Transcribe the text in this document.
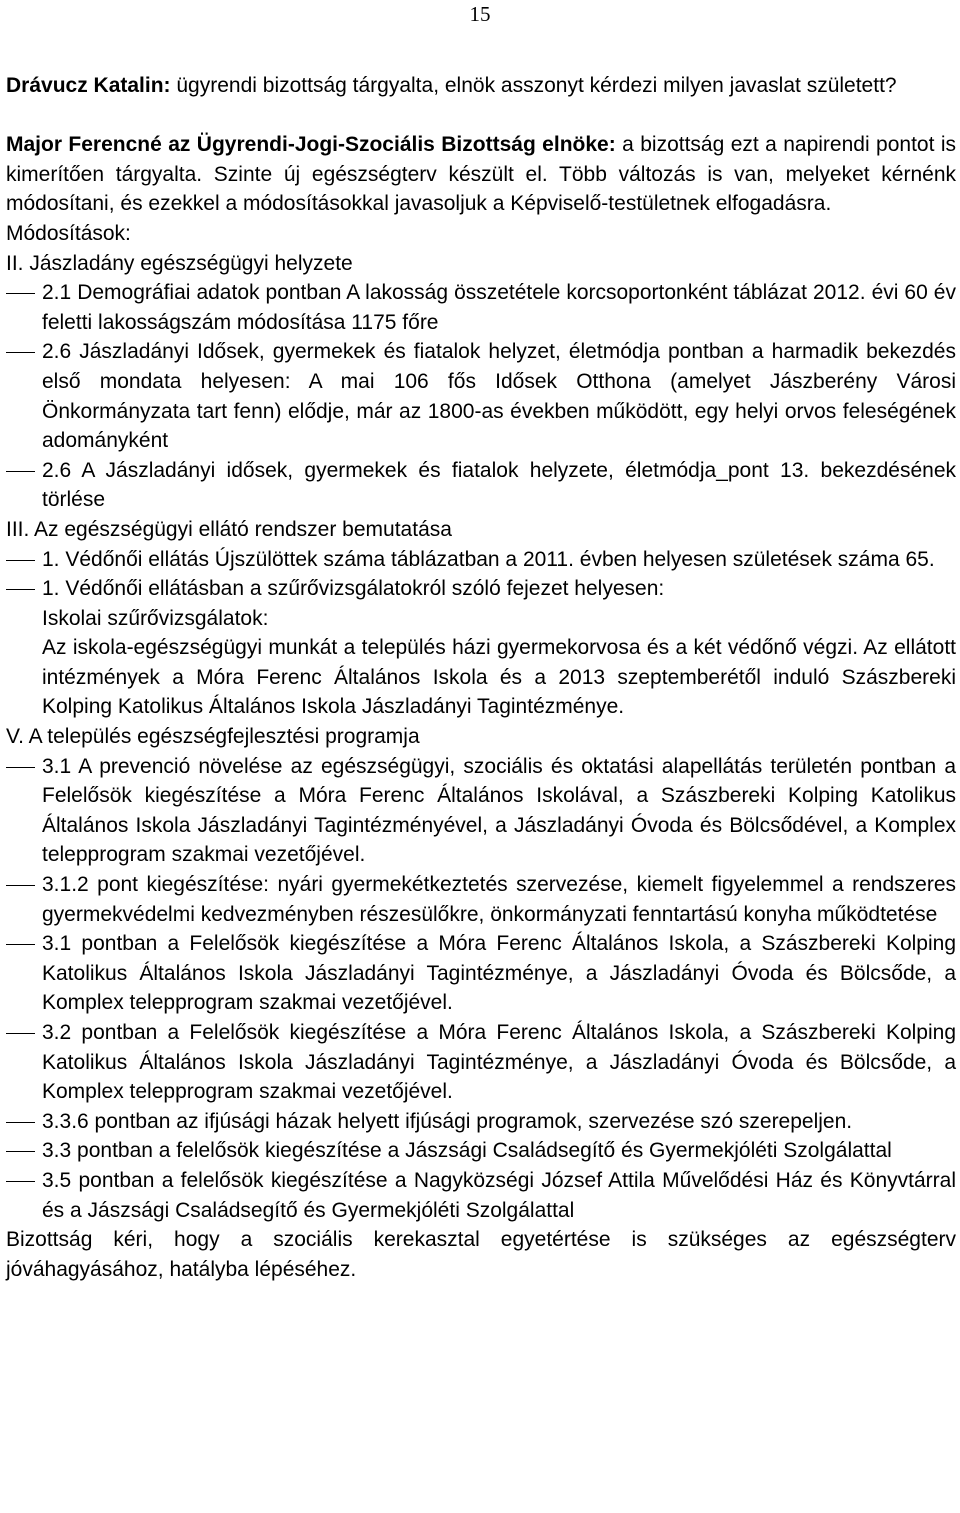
15

Drávucz Katalin: ügyrendi bizottság tárgyalta, elnök asszonyt kérdezi milyen javaslat született?

Major Ferencné az Ügyrendi-Jogi-Szociális Bizottság elnöke: a bizottság ezt a napirendi pontot is kimerítően tárgyalta. Szinte új egészségterv készült el. Több változás is van, melyeket kérnénk módosítani, és ezekkel a módosításokkal javasoljuk a Képviselő-testületnek elfogadásra.

Módosítások:

II. Jászladány egészségügyi helyzete

2.1 Demográfiai adatok pontban A lakosság összetétele korcsoportonként táblázat 2012. évi 60 év feletti lakosságszám módosítása 1175 főre
2.6 Jászladányi Idősek, gyermekek és fiatalok helyzet, életmódja pontban a harmadik bekezdés első mondata helyesen: A mai 106 fős Idősek Otthona (amelyet Jászberény Városi Önkormányzata tart fenn) elődje, már az 1800-as években működött, egy helyi orvos feleségének adományként
2.6 A Jászladányi idősek, gyermekek és fiatalok helyzete, életmódja_pont 13. bekezdésének törlése

III. Az egészségügyi ellátó rendszer bemutatása

1. Védőnői ellátás Újszülöttek száma táblázatban a 2011. évben helyesen születések száma 65.
1. Védőnői ellátásban a szűrővizsgálatokról szóló fejezet helyesen:
Iskolai szűrővizsgálatok:
Az iskola-egészségügyi munkát a település házi gyermekorvosa és a két védőnő végzi. Az ellátott intézmények a Móra Ferenc Általános Iskola és a 2013 szeptemberétől induló Szászbereki Kolping Katolikus Általános Iskola Jászladányi Tagintézménye.

V. A település egészségfejlesztési programja

3.1 A prevenció növelése az egészségügyi, szociális és oktatási alapellátás területén pontban a Felelősök kiegészítése a Móra Ferenc Általános Iskolával, a Szászbereki Kolping Katolikus Általános Iskola Jászladányi Tagintézményével, a Jászladányi Óvoda és Bölcsődével, a Komplex telepprogram szakmai vezetőjével.
3.1.2 pont kiegészítése: nyári gyermekétkeztetés szervezése, kiemelt figyelemmel a rendszeres gyermekvédelmi kedvezményben részesülőkre, önkormányzati fenntartású konyha működtetése
3.1 pontban a Felelősök kiegészítése a Móra Ferenc Általános Iskola, a Szászbereki Kolping Katolikus Általános Iskola Jászladányi Tagintézménye, a Jászladányi Óvoda és Bölcsőde, a Komplex telepprogram szakmai vezetőjével.
3.2 pontban a Felelősök kiegészítése a Móra Ferenc Általános Iskola, a Szászbereki Kolping Katolikus Általános Iskola Jászladányi Tagintézménye, a Jászladányi Óvoda és Bölcsőde, a Komplex telepprogram szakmai vezetőjével.
3.3.6 pontban az ifjúsági házak helyett ifjúsági programok, szervezése szó szerepeljen.
3.3 pontban a felelősök kiegészítése a Jászsági Családsegítő és Gyermekjóléti Szolgálattal
3.5 pontban a felelősök kiegészítése a Nagyközségi József Attila Művelődési Ház és Könyvtárral és a Jászsági Családsegítő és Gyermekjóléti Szolgálattal

Bizottság kéri, hogy a szociális kerekasztal egyetértése is szükséges az egészségterv jóváhagyásához, hatályba lépéséhez.
